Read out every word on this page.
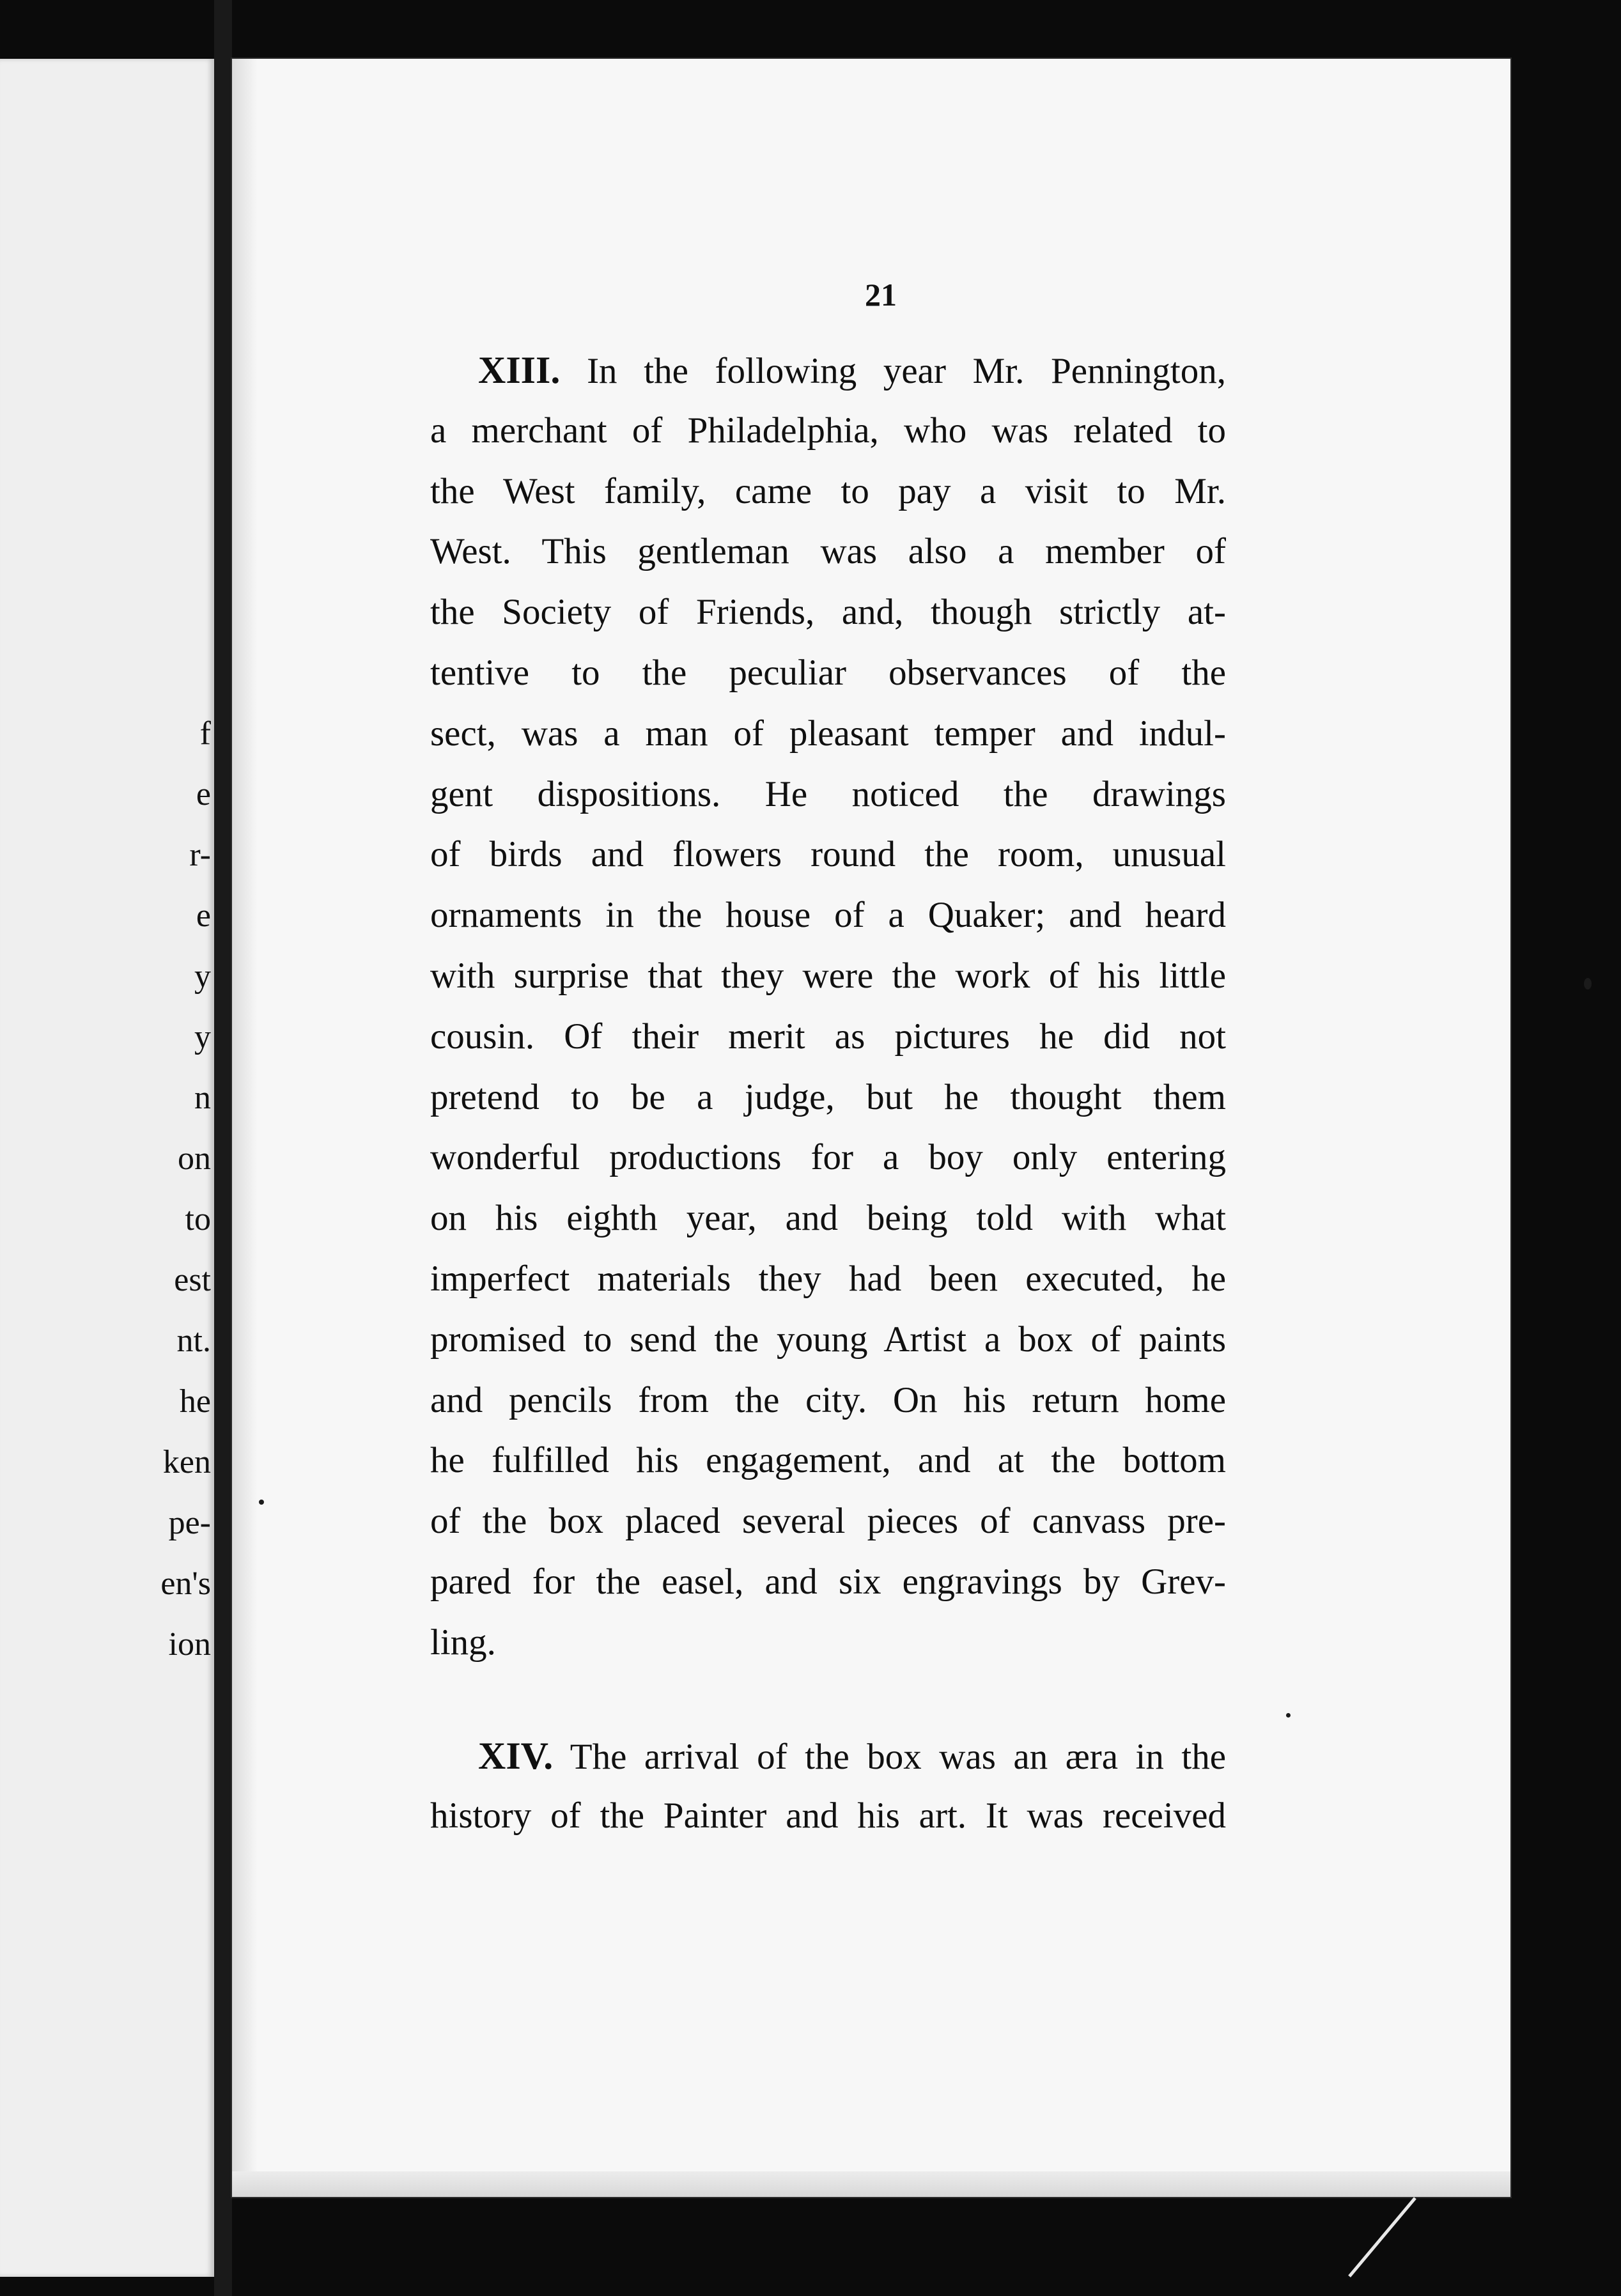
f
e
r-
e
y
y
n
on
to
est
nt.
he
ken
pe-
en's
ion
21
XIII. In the following year Mr. Pennington,
a merchant of Philadelphia, who was related to
the West family, came to pay a visit to Mr.
West. This gentleman was also a member of
the Society of Friends, and, though strictly at-
tentive to the peculiar observances of the
sect, was a man of pleasant temper and indul-
gent dispositions. He noticed the drawings
of birds and flowers round the room, unusual
ornaments in the house of a Quaker; and heard
with surprise that they were the work of his little
cousin. Of their merit as pictures he did not
pretend to be a judge, but he thought them
wonderful productions for a boy only entering
on his eighth year, and being told with what
imperfect materials they had been executed, he
promised to send the young Artist a box of paints
and pencils from the city. On his return home
he fulfilled his engagement, and at the bottom
of the box placed several pieces of canvass pre-
pared for the easel, and six engravings by Grev-
ling.
XIV. The arrival of the box was an æra in the
history of the Painter and his art. It was received
